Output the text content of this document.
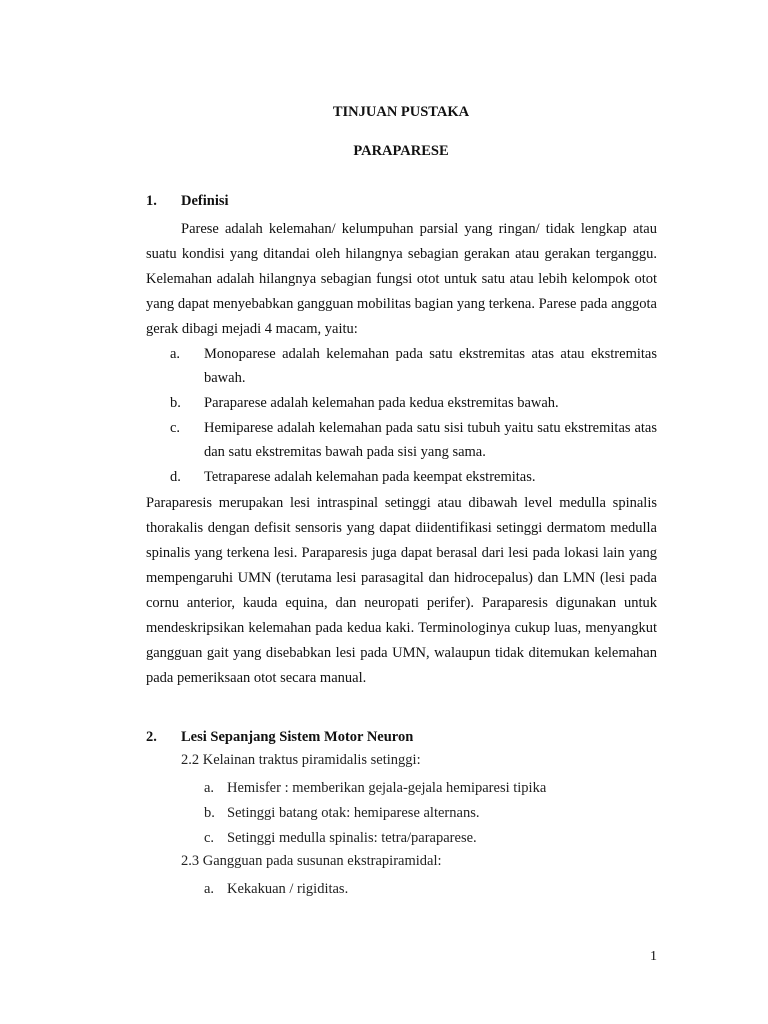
TINJUAN PUSTAKA
PARAPARESE
1. Definisi
Parese adalah kelemahan/ kelumpuhan parsial yang ringan/ tidak lengkap atau suatu kondisi yang ditandai oleh hilangnya sebagian gerakan atau gerakan terganggu. Kelemahan adalah hilangnya sebagian fungsi otot untuk satu atau lebih kelompok otot yang dapat menyebabkan gangguan mobilitas bagian yang terkena. Parese pada anggota gerak dibagi mejadi 4 macam, yaitu:
a. Monoparese adalah kelemahan pada satu ekstremitas atas atau ekstremitas bawah.
b. Paraparese adalah kelemahan pada kedua ekstremitas bawah.
c. Hemiparese adalah kelemahan pada satu sisi tubuh yaitu satu ekstremitas atas dan satu ekstremitas bawah pada sisi yang sama.
d. Tetraparese adalah kelemahan pada keempat ekstremitas.
Paraparesis merupakan lesi intraspinal setinggi atau dibawah level medulla spinalis thorakalis dengan defisit sensoris yang dapat diidentifikasi setinggi dermatom medulla spinalis yang terkena lesi. Paraparesis juga dapat berasal dari lesi pada lokasi lain yang mempengaruhi UMN (terutama lesi parasagital dan hidrocepalus) dan LMN (lesi pada cornu anterior, kauda equina, dan neuropati perifer). Paraparesis digunakan untuk mendeskripsikan kelemahan pada kedua kaki. Terminologinya cukup luas, menyangkut gangguan gait yang disebabkan lesi pada UMN, walaupun tidak ditemukan kelemahan pada pemeriksaan otot secara manual.
2. Lesi Sepanjang Sistem Motor Neuron
2.2 Kelainan traktus piramidalis setinggi:
a. Hemisfer : memberikan gejala-gejala hemiparesi tipika
b. Setinggi batang otak: hemiparese alternans.
c. Setinggi medulla spinalis: tetra/paraparese.
2.3 Gangguan pada susunan ekstrapiramidal:
a. Kekakuan / rigiditas.
1
